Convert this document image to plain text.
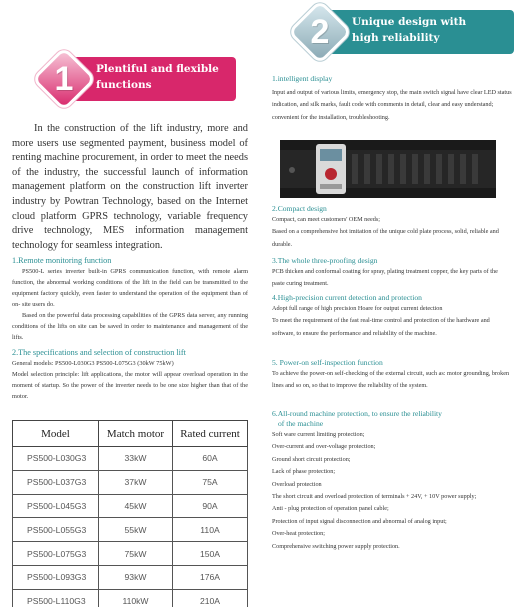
Plentiful and flexible
functions
1
Unique design with
high reliability
2

In the construction of the lift industry, more and more users use segmented payment, business model of renting machine procurement, in order to meet the needs of the industry, the successful launch of information management platform on the construction lift inverter industry by Powtran Technology, based on the Internet cloud platform GPRS technology, variable frequency drive technology, MES information management technology for seamless integration.

1.Remote monitoring function

PS500-L series inverter built-in GPRS communication function, with remote alarm function, the abnormal working conditions of the lift in the field can be transmitted to the equipment factory quickly, even faster to understand the operation of the equipment than of on- site users do.

Based on the powerful data processing capabilities of the GPRS data server, any running conditions of the lifts on site can be saved in order to maintenance and management of the lifts.

2.The specifications and selection of construction lift

General models: PS500-L030G3 PS500-L075G3 (30kW 75kW)

Model selection principle: lift applications, the motor will appear overload operation in the moment of startup. So the power of the inverter needs to be one size higher than that of the motor.

Model	Match motor	Rated current
PS500-L030G3	33kW	60A
PS500-L037G3	37kW	75A
PS500-L045G3	45kW	90A
PS500-L055G3	55kW	110A
PS500-L075G3	75kW	150A
PS500-L093G3	93kW	176A
PS500-L110G3	110kW	210A
1.intelligent display

Input and output of various limits, emergency stop, the main switch signal have clear LED status indication, and silk marks, fault code with comments in detail, clear and easy understand; convenient for the installation, troubleshooting.

2.Compact design

Compact, can meet customers' OEM needs;

Based on a comprehensive hot imitation of the unique cold plate process, solid, reliable and durable.

3.The whole three-proofing design

PCB thicken and conformal coating for spray, plating treatment copper, the key parts of the paste curing treatment.

4.High-precision current detection and protection

Adopt full range of high precision Hoare for output current detection

To meet the requirement of the fast real-time control and protection of the hardware and software, to ensure the performance and reliability of the machine.

5. Power-on self-inspection function

To achieve the power-on self-checking of the external circuit, such as: motor grounding, broken lines and so on, so that to improve the reliability of the system.

6.All-round machine protection, to ensure the reliability
of the machine

Soft ware current limiting protection;

Over-current and over-voltage protection;

Ground short circuit protection;

Lack of phase protection;

Overload protection

The short circuit and overload protection of terminals + 24V, + 10V power supply;

Anti - plug protection of operation panel cable;

Protection of input signal disconnection and abnormal of analog input;

Over-heat protection;

Comprehensive switching power supply protection.
